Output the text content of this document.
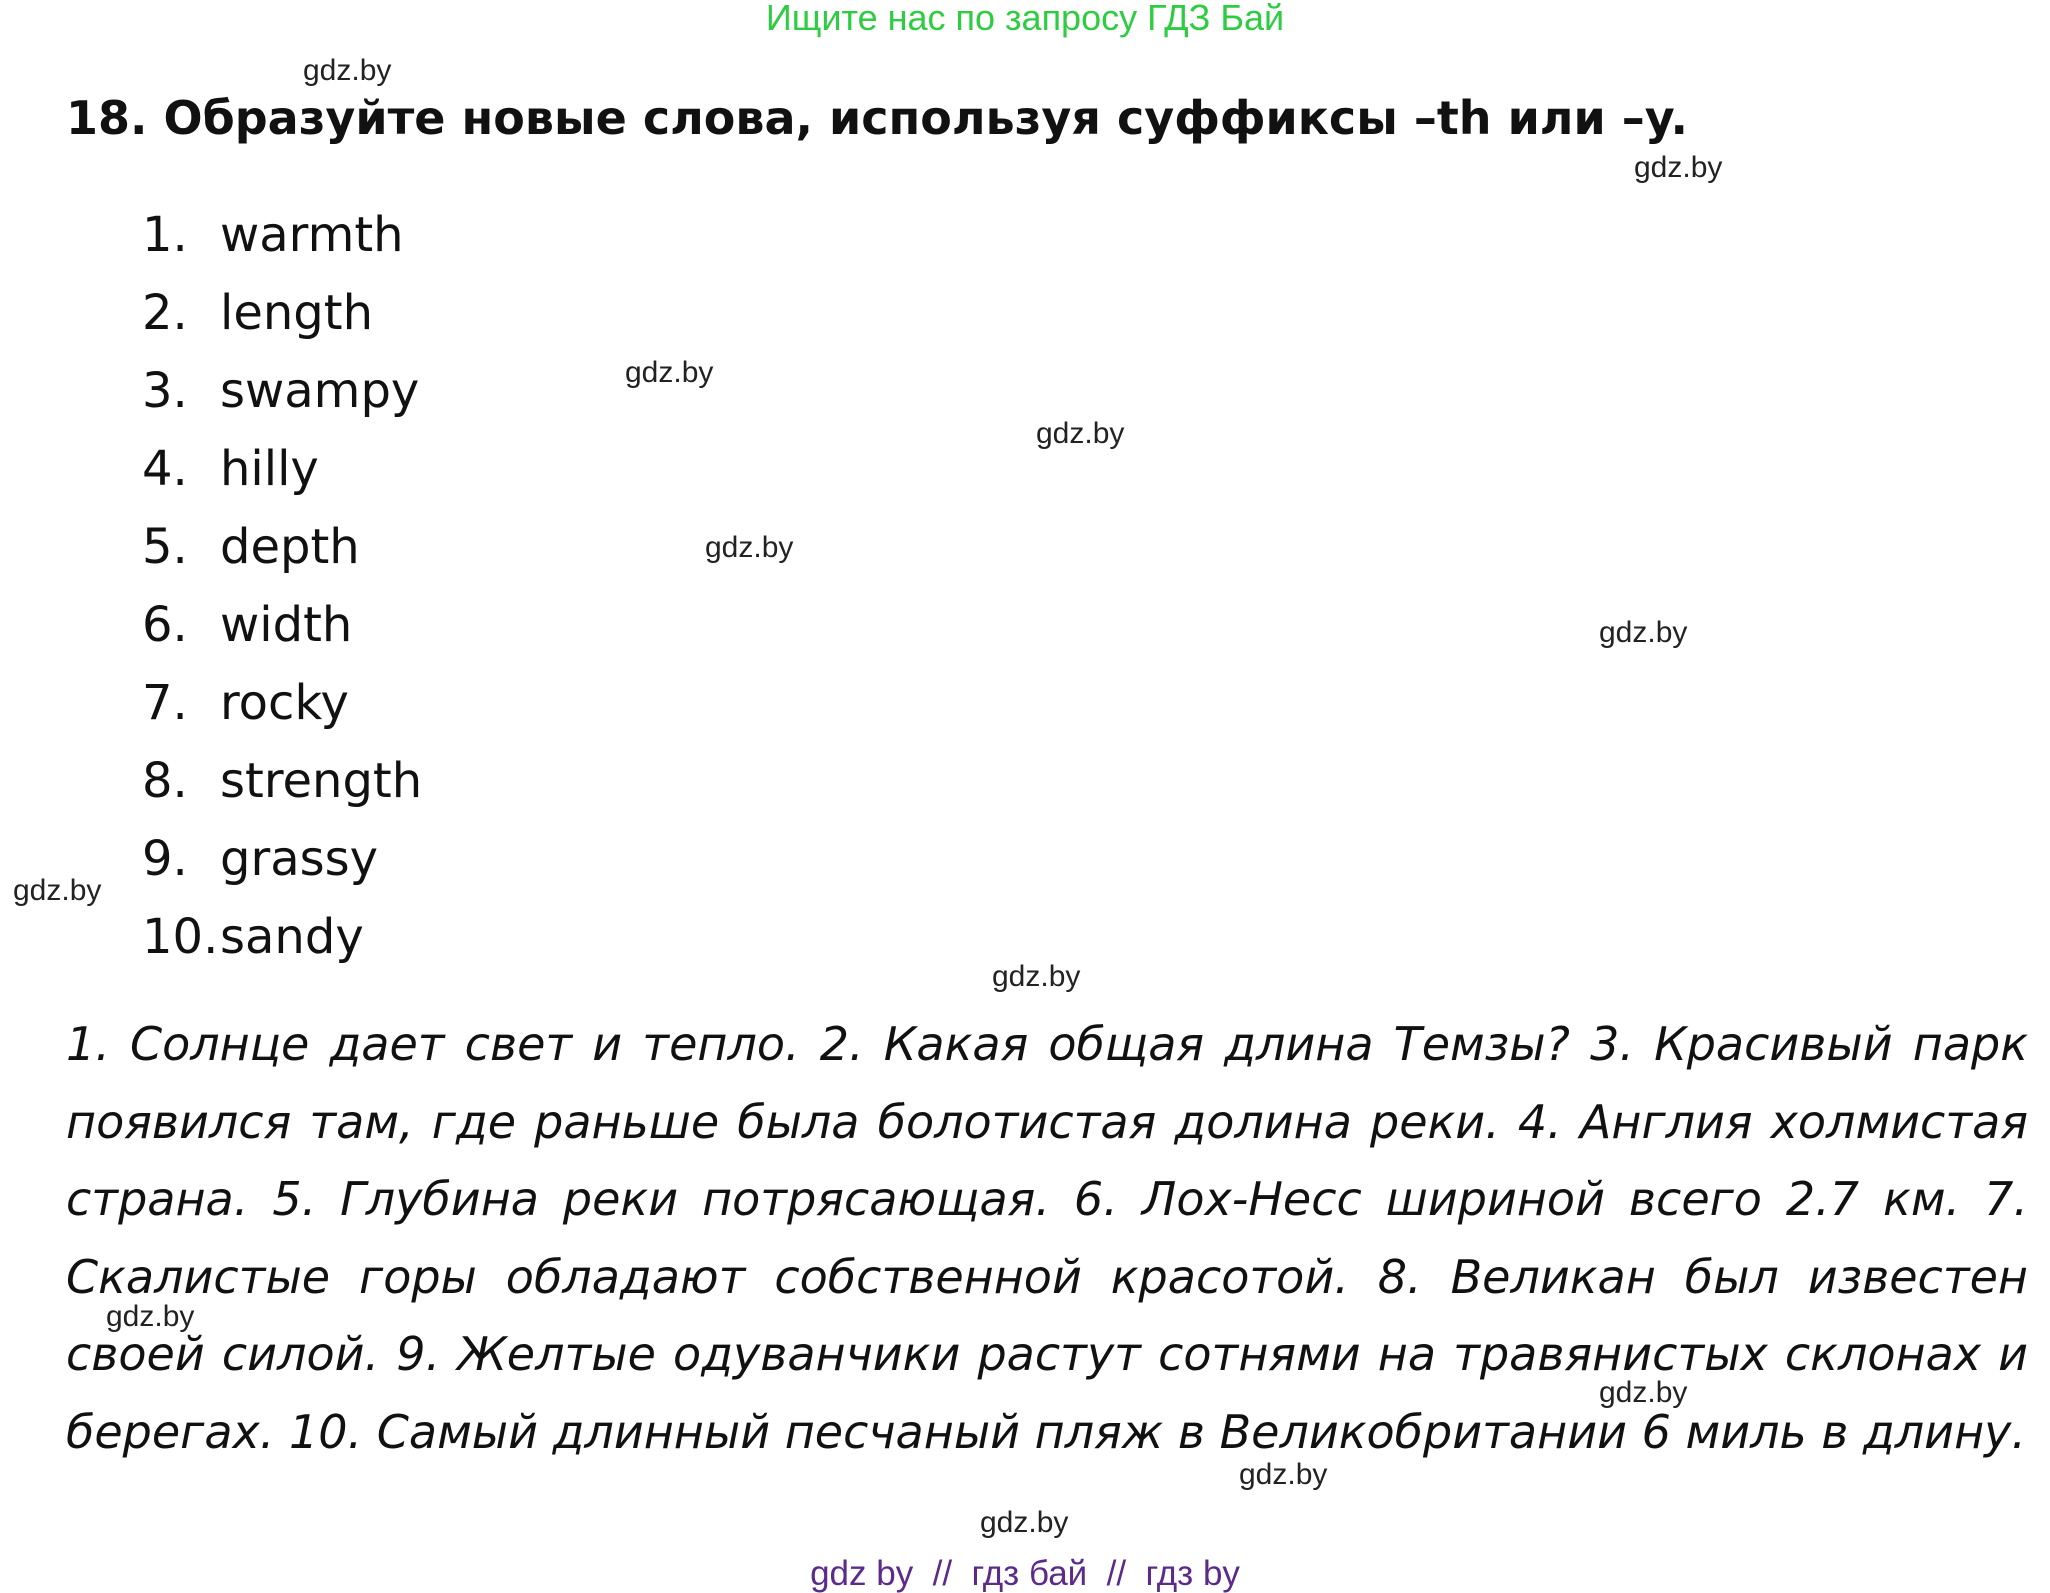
Ищите нас по запросу ГДЗ Бай
18. Образуйте новые слова, используя суффиксы –th или –y.
1. warmth
2. length
3. swampy
4. hilly
5. depth
6. width
7. rocky
8. strength
9. grassy
10.sandy

1. Солнце дает свет и тепло. 2. Какая общая длина Темзы? 3. Красивый парк появился там, где раньше была болотистая долина реки. 4. Англия холмистая страна. 5. Глубина реки потрясающая. 6. Лох-Несс шириной всего 2.7 км. 7. Скалистые горы обладают собственной красотой. 8. Великан был известен своей силой. 9. Желтые одуванчики растут сотнями на травянистых склонах и берегах. 10. Самый длинный песчаный пляж в Великобритании 6 миль в длину.

gdz.by
gdz.by
gdz.by
gdz.by
gdz.by
gdz.by
gdz.by
gdz.by
gdz.by
gdz.by
gdz.by
gdz.by
gdz by  //  гдз бай  //  гдз by
